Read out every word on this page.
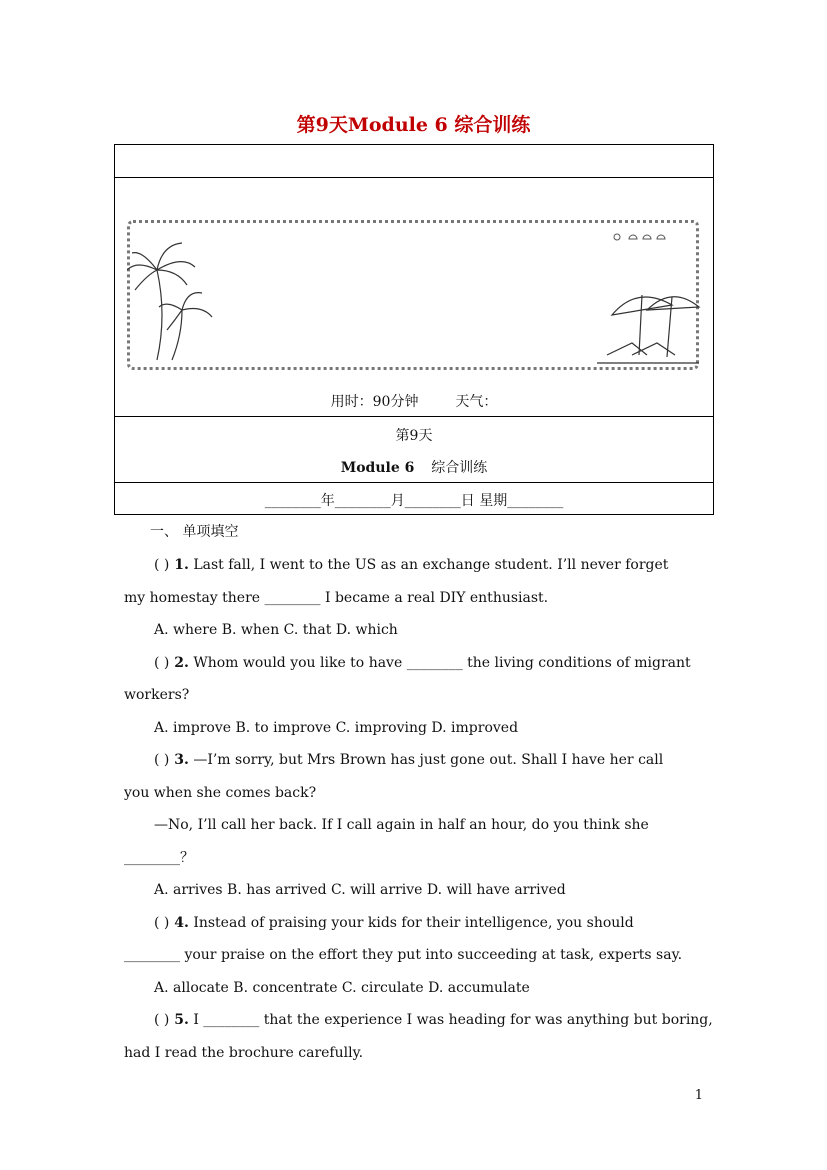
第9天Module 6 综合训练
用时：90分钟	天气：
第9天
Module 6 综合训练
________年________月________日 星期________
一、 单项填空
( ) 1. Last fall, I went to the US as an exchange student. I’ll never forget
my homestay there ________ I became a real DIY enthusiast.
A. where B. when C. that D. which
( ) 2. Whom would you like to have ________ the living conditions of migrant
workers?
A. improve B. to improve C. improving D. improved
( ) 3. —I’m sorry, but Mrs Brown has just gone out. Shall I have her call
you when she comes back?
—No, I’ll call her back. If I call again in half an hour, do you think she
________？
A. arrives B. has arrived C. will arrive D. will have arrived
( ) 4. Instead of praising your kids for their intelligence, you should
________ your praise on the effort they put into succeeding at task, experts say.
A. allocate B. concentrate C. circulate D. accumulate
( ) 5. I ________ that the experience I was heading for was anything but boring,
had I read the brochure carefully.
1
